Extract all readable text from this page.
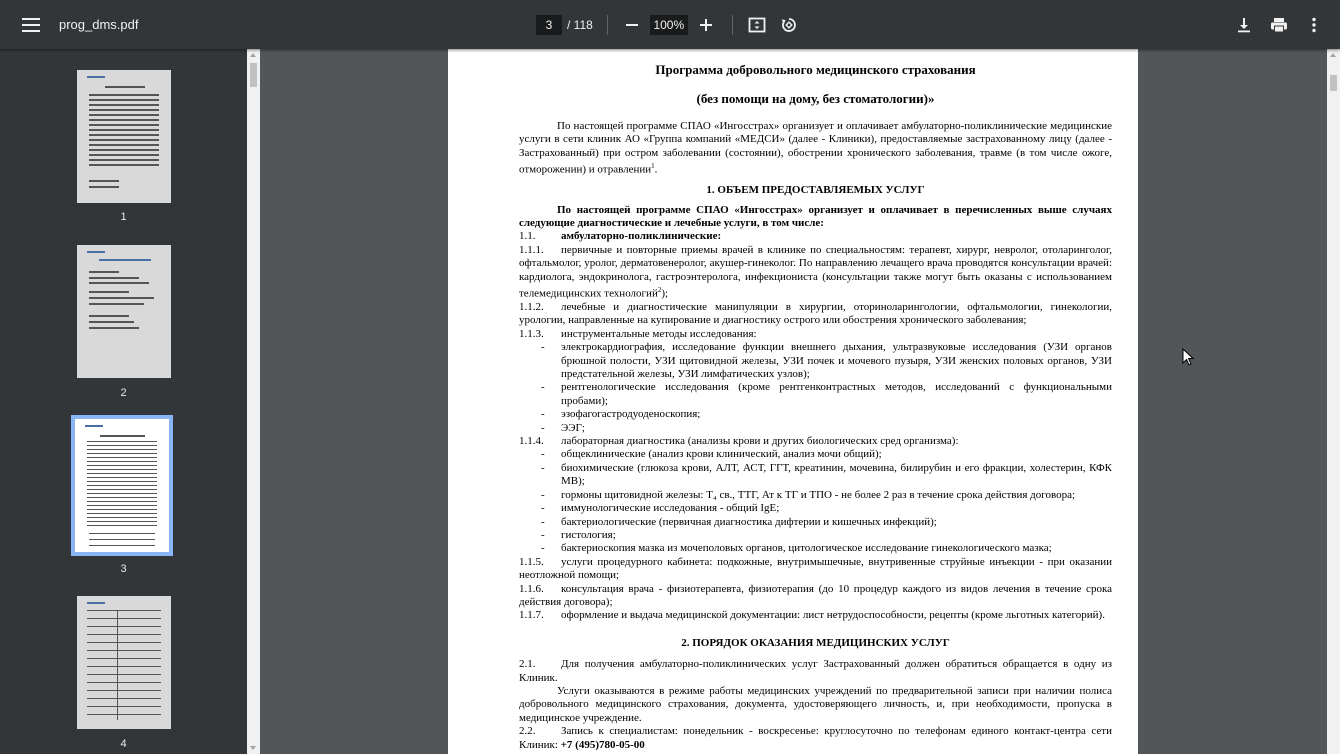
prog_dms.pdf
3	/ 118
100%
1
2
3
4
Программа добровольного медицинского страхования
(без помощи на дому, без стоматологии)»

По настоящей программе СПАО «Ингосстрах» организует и оплачивает амбулаторно-поликлинические медицинские услуги в сети клиник АО «Группа компаний «МЕДСИ» (далее - Клиники), предоставляемые застрахованному лицу (далее - Застрахованный) при остром заболевании (состоянии), обострении хронического заболевания, травме (в том числе ожоге, отморожении) и отравлении$^1$.

1. ОБЪЕМ ПРЕДОСТАВЛЯЕМЫХ УСЛУГ

По настоящей программе СПАО «Ингосстрах» организует и оплачивает в перечисленных выше случаях следующие диагностические и лечебные услуги, в том числе:

1.1.	амбулаторно-поликлинические:
1.1.1. первичные и повторные приемы врачей в клинике по специальностям: терапевт, хирург, невролог, отоларинголог, офтальмолог, уролог, дерматовенеролог, акушер-гинеколог. По направлению лечащего врача проводятся консультации врачей: кардиолога, эндокринолога, гастроэнтеролога, инфекциониста (консультации также могут быть оказаны с использованием телемедицинских технологий$^2$);
1.1.2. лечебные и диагностические манипуляции в хирургии, оториноларингологии, офтальмологии, гинекологии, урологии, направленные на купирование и диагностику острого или обострения хронического заболевания;
1.1.3.	инструментальные методы исследования:
-	электрокардиография, исследование функции внешнего дыхания, ультразвуковые исследования (УЗИ органов брюшной полости, УЗИ щитовидной железы, УЗИ почек и мочевого пузыря, УЗИ женских половых органов, УЗИ предстательной железы, УЗИ лимфатических узлов);
-	рентгенологические исследования (кроме рентгенконтрастных методов, исследований с функциональными пробами);
-	эзофагогастродуоденоскопия;
-	ЭЭГ;
1.1.4.	лабораторная диагностика (анализы крови и других биологических сред организма):
-	общеклинические (анализ крови клинический, анализ мочи общий);
-	биохимические (глюкоза крови, АЛТ, АСТ, ГГТ, креатинин, мочевина, билирубин и его фракции, холестерин, КФК МВ);
-	гормоны щитовидной железы: Т₄ св., ТТГ, Ат к ТГ и ТПО - не более 2 раз в течение срока действия договора;
-	иммунологические исследования - общий IgE;
-	бактериологические (первичная диагностика дифтерии и кишечных инфекций);
-	гистология;
-	бактериоскопия мазка из мочеполовых органов, цитологическое исследование гинекологического мазка;
1.1.5. услуги процедурного кабинета: подкожные, внутримышечные, внутривенные струйные инъекции - при оказании неотложной помощи;
1.1.6. консультация врача - физиотерапевта, физиотерапия (до 10 процедур каждого из видов лечения в течение срока действия договора);
1.1.7. оформление и выдача медицинской документации: лист нетрудоспособности, рецепты (кроме льготных категорий).
2. ПОРЯДОК ОКАЗАНИЯ МЕДИЦИНСКИХ УСЛУГ
2.1. Для получения амбулаторно-поликлинических услуг Застрахованный должен обратиться обращается в одну из Клиник.

Услуги оказываются в режиме работы медицинских учреждений по предварительной записи при наличии полиса добровольного медицинского страхования, документа, удостоверяющего личность, и, при необходимости, пропуска в медицинское учреждение.

2.2. Запись к специалистам: понедельник - воскресенье: круглосуточно по телефонам единого контакт-центра сети Клиник: +7 (495)780-05-00
